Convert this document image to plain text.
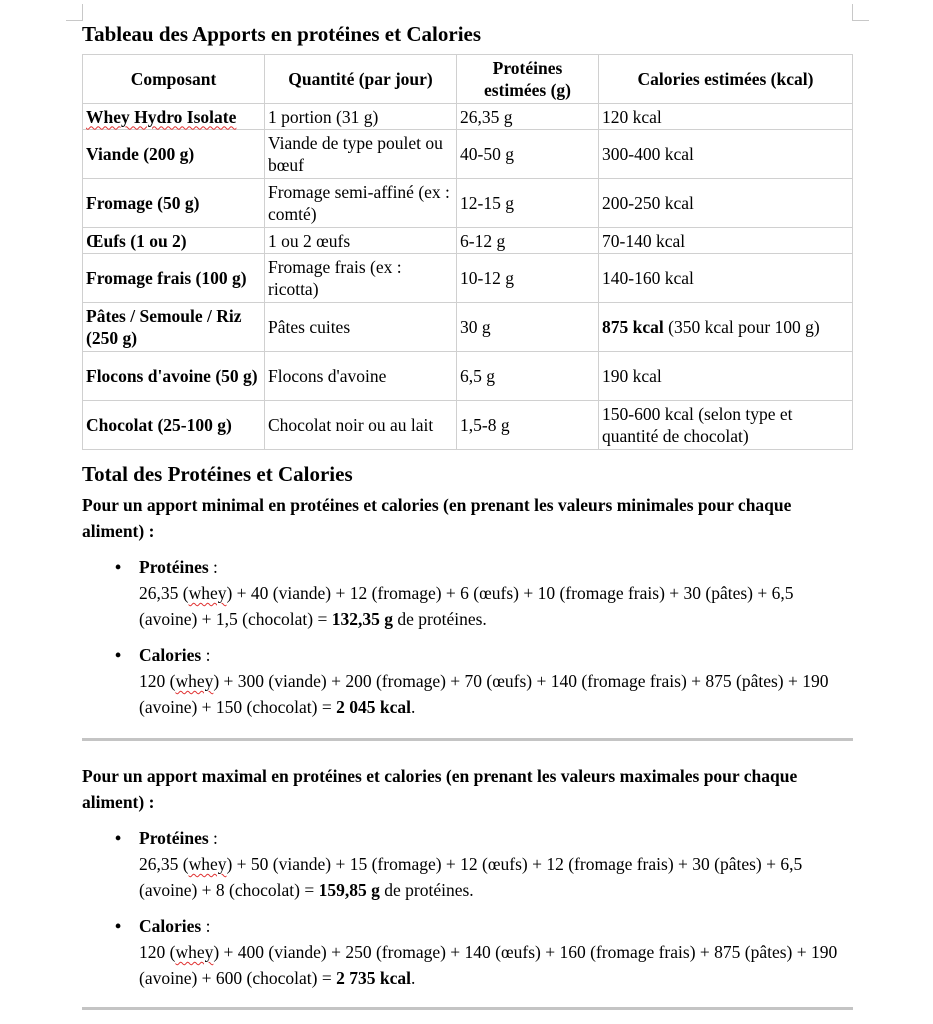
Tableau des Apports en protéines et Calories
Composant	Quantité (par jour)	Protéines estimées (g)	Calories estimées (kcal)
Whey Hydro Isolate	1 portion (31 g)	26,35 g	120 kcal
Viande (200 g)	Viande de type poulet ou bœuf	40-50 g	300-400 kcal
Fromage (50 g)	Fromage semi-affiné (ex : comté)	12-15 g	200-250 kcal
Œufs (1 ou 2)	1 ou 2 œufs	6-12 g	70-140 kcal
Fromage frais (100 g)	Fromage frais (ex : ricotta)	10-12 g	140-160 kcal
Pâtes / Semoule / Riz (250 g)	Pâtes cuites	30 g	875 kcal (350 kcal pour 100 g)
Flocons d'avoine (50 g)	Flocons d'avoine	6,5 g	190 kcal
Chocolat (25-100 g)	Chocolat noir ou au lait	1,5-8 g	150-600 kcal (selon type et quantité de chocolat)
Total des Protéines et Calories

Pour un apport minimal en protéines et calories (en prenant les valeurs minimales pour chaque aliment) :

• Protéines :
26,35 (whey) + 40 (viande) + 12 (fromage) + 6 (œufs) + 10 (fromage frais) + 30 (pâtes) + 6,5 (avoine) + 1,5 (chocolat) = 132,35 g de protéines.
• Calories :
120 (whey) + 300 (viande) + 200 (fromage) + 70 (œufs) + 140 (fromage frais) + 875 (pâtes) + 190 (avoine) + 150 (chocolat) = 2 045 kcal.

Pour un apport maximal en protéines et calories (en prenant les valeurs maximales pour chaque aliment) :

• Protéines :
26,35 (whey) + 50 (viande) + 15 (fromage) + 12 (œufs) + 12 (fromage frais) + 30 (pâtes) + 6,5 (avoine) + 8 (chocolat) = 159,85 g de protéines.
• Calories :
120 (whey) + 400 (viande) + 250 (fromage) + 140 (œufs) + 160 (fromage frais) + 875 (pâtes) + 190 (avoine) + 600 (chocolat) = 2 735 kcal.
